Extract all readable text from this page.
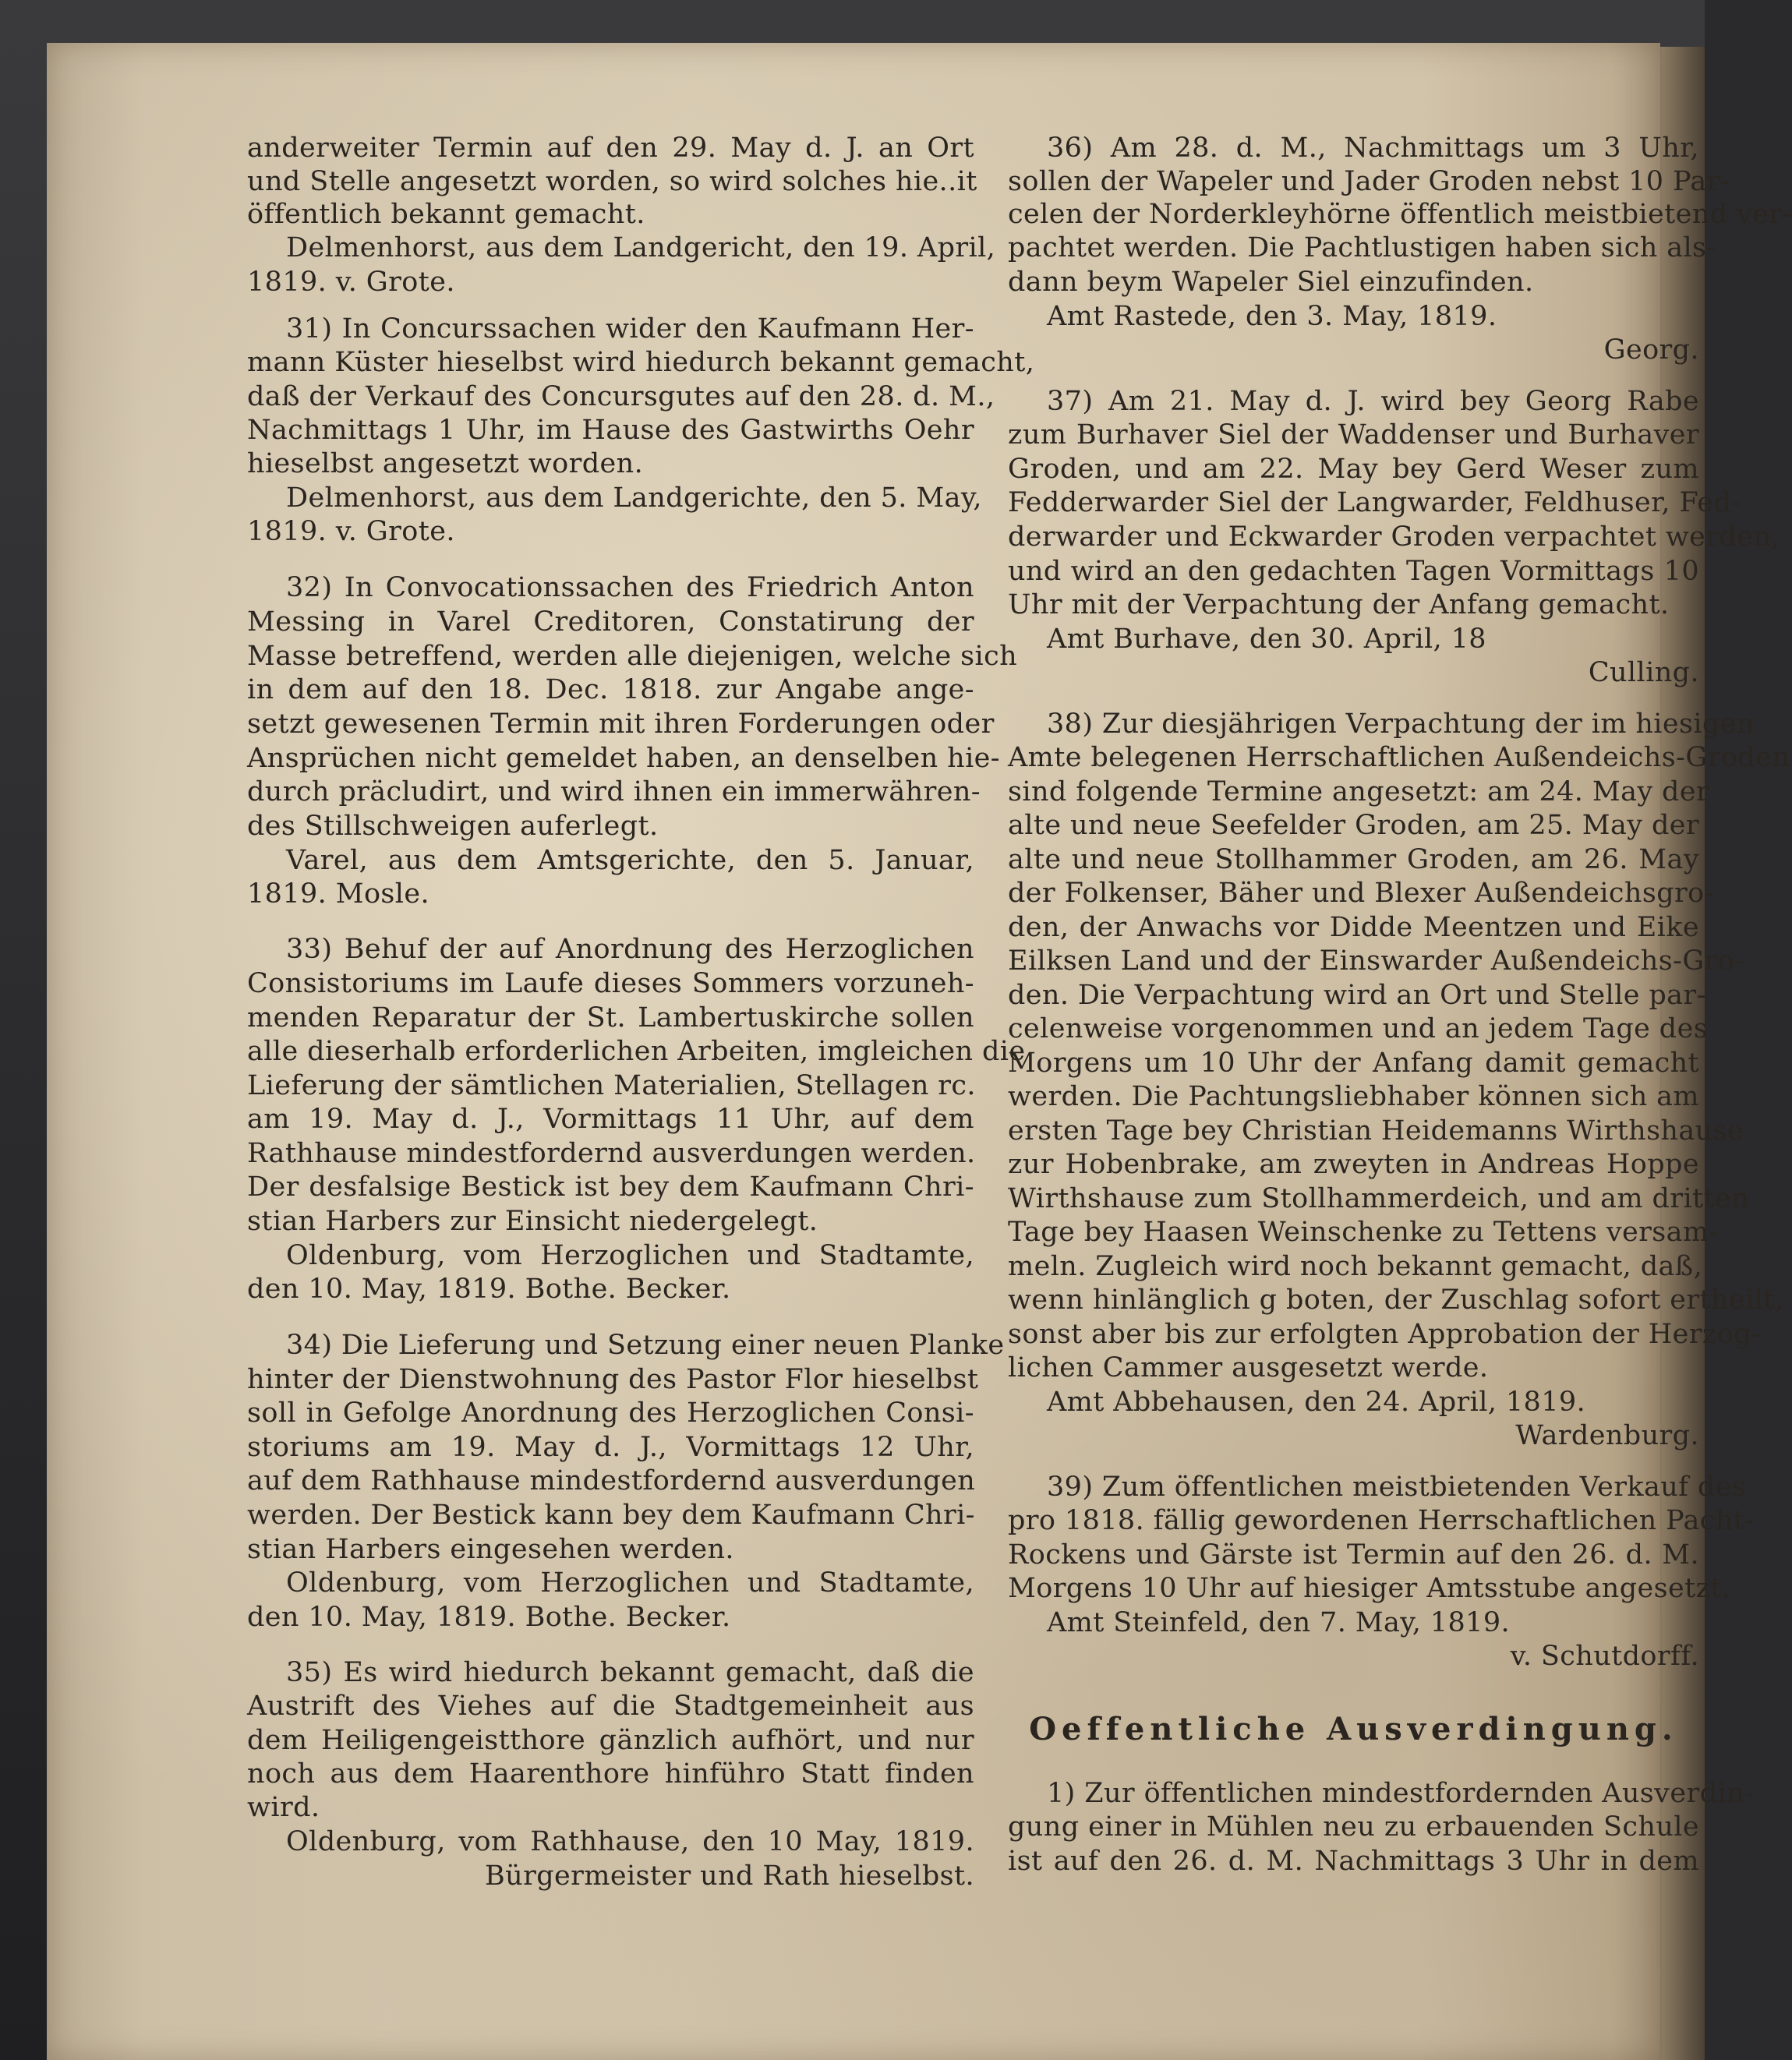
anderweiter Termin auf den 29. May d. J. an Ort
und Stelle angesetzt worden, so wird solches hie..it
öffentlich bekannt gemacht.
Delmenhorst, aus dem Landgericht, den 19. April,
1819. v. Grote.
31) In Concurssachen wider den Kaufmann Her-
mann Küster hieselbst wird hiedurch bekannt gemacht,
daß der Verkauf des Concursgutes auf den 28. d. M.,
Nachmittags 1 Uhr, im Hause des Gastwirths Oehr
hieselbst angesetzt worden.
Delmenhorst, aus dem Landgerichte, den 5. May,
1819. v. Grote.
32) In Convocationssachen des Friedrich Anton
Messing in Varel Creditoren, Constatirung der
Masse betreffend, werden alle diejenigen, welche sich
in dem auf den 18. Dec. 1818. zur Angabe ange-
setzt gewesenen Termin mit ihren Forderungen oder
Ansprüchen nicht gemeldet haben, an denselben hie-
durch präcludirt, und wird ihnen ein immerwähren-
des Stillschweigen auferlegt.
Varel, aus dem Amtsgerichte, den 5. Januar,
1819. Mosle.
33) Behuf der auf Anordnung des Herzoglichen
Consistoriums im Laufe dieses Sommers vorzuneh-
menden Reparatur der St. Lambertuskirche sollen
alle dieserhalb erforderlichen Arbeiten, imgleichen die
Lieferung der sämtlichen Materialien, Stellagen rc.
am 19. May d. J., Vormittags 11 Uhr, auf dem
Rathhause mindestfordernd ausverdungen werden.
Der desfalsige Bestick ist bey dem Kaufmann Chri-
stian Harbers zur Einsicht niedergelegt.
Oldenburg, vom Herzoglichen und Stadtamte,
den 10. May, 1819. Bothe. Becker.
34) Die Lieferung und Setzung einer neuen Planke
hinter der Dienstwohnung des Pastor Flor hieselbst
soll in Gefolge Anordnung des Herzoglichen Consi-
storiums am 19. May d. J., Vormittags 12 Uhr,
auf dem Rathhause mindestfordernd ausverdungen
werden. Der Bestick kann bey dem Kaufmann Chri-
stian Harbers eingesehen werden.
Oldenburg, vom Herzoglichen und Stadtamte,
den 10. May, 1819. Bothe. Becker.
35) Es wird hiedurch bekannt gemacht, daß die
Austrift des Viehes auf die Stadtgemeinheit aus
dem Heiligengeistthore gänzlich aufhört, und nur
noch aus dem Haarenthore hinführo Statt finden
wird.
Oldenburg, vom Rathhause, den 10 May, 1819.
Bürgermeister und Rath hieselbst.
36) Am 28. d. M., Nachmittags um 3 Uhr,
sollen der Wapeler und Jader Groden nebst 10 Par-
celen der Norderkleyhörne öffentlich meistbietend ver-
pachtet werden. Die Pachtlustigen haben sich als-
dann beym Wapeler Siel einzufinden.
Amt Rastede, den 3. May, 1819.
Georg.
37) Am 21. May d. J. wird bey Georg Rabe
zum Burhaver Siel der Waddenser und Burhaver
Groden, und am 22. May bey Gerd Weser zum
Fedderwarder Siel der Langwarder, Feldhuser, Fed-
derwarder und Eckwarder Groden verpachtet werden,
und wird an den gedachten Tagen Vormittags 10
Uhr mit der Verpachtung der Anfang gemacht.
Amt Burhave, den 30. April, 18
Culling.
38) Zur diesjährigen Verpachtung der im hiesigen
Amte belegenen Herrschaftlichen Außendeichs-Groden
sind folgende Termine angesetzt: am 24. May der
alte und neue Seefelder Groden, am 25. May der
alte und neue Stollhammer Groden, am 26. May
der Folkenser, Bäher und Blexer Außendeichsgro-
den, der Anwachs vor Didde Meentzen und Eike
Eilksen Land und der Einswarder Außendeichs-Gro-
den. Die Verpachtung wird an Ort und Stelle par-
celenweise vorgenommen und an jedem Tage des
Morgens um 10 Uhr der Anfang damit gemacht
werden. Die Pachtungsliebhaber können sich am
ersten Tage bey Christian Heidemanns Wirthshause
zur Hobenbrake, am zweyten in Andreas Hoppe
Wirthshause zum Stollhammerdeich, und am dritten
Tage bey Haasen Weinschenke zu Tettens versam-
meln. Zugleich wird noch bekannt gemacht, daß,
wenn hinlänglich g boten, der Zuschlag sofort ertheilt,
sonst aber bis zur erfolgten Approbation der Herzog-
lichen Cammer ausgesetzt werde.
Amt Abbehausen, den 24. April, 1819.
Wardenburg.
39) Zum öffentlichen meistbietenden Verkauf des
pro 1818. fällig gewordenen Herrschaftlichen Pacht-
Rockens und Gärste ist Termin auf den 26. d. M.
Morgens 10 Uhr auf hiesiger Amtsstube angesetzt.
Amt Steinfeld, den 7. May, 1819.
v. Schutdorff.
Oeffentliche Ausverdingung.
1) Zur öffentlichen mindestfordernden Ausverdin-
gung einer in Mühlen neu zu erbauenden Schule
ist auf den 26. d. M. Nachmittags 3 Uhr in dem
